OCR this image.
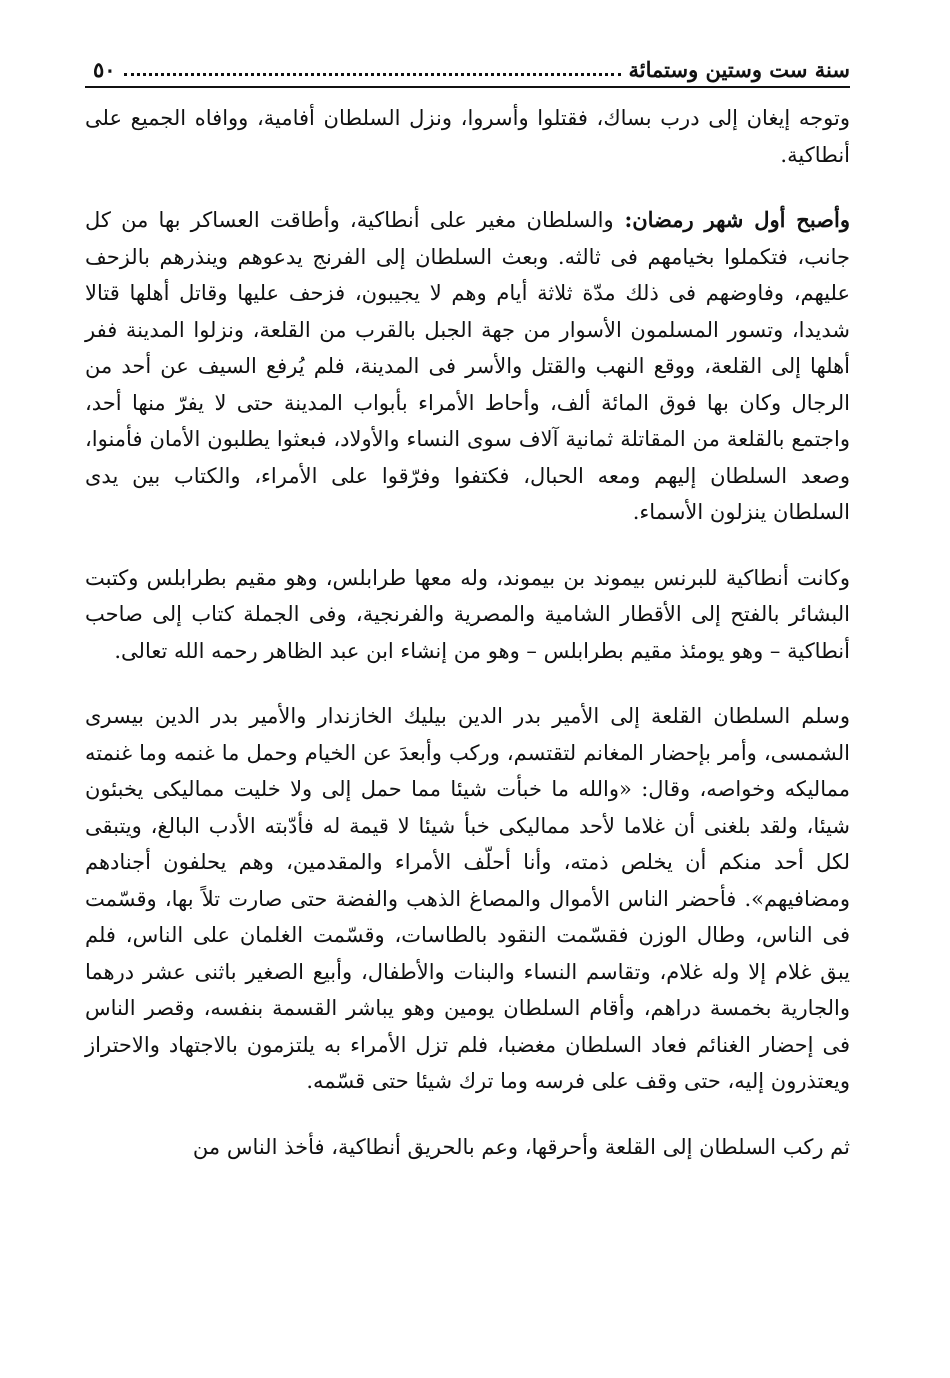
سنة ست وستين وستمائة
٥٠

وتوجه إيغان إلى درب بساك، فقتلوا وأسروا، ونزل السلطان أفامية، ووافاه الجميع على أنطاكية.

وأصبح أول شهر رمضان: والسلطان مغير على أنطاكية، وأطاقت العساكر بها من كل جانب، فتكملوا بخيامهم فى ثالثه. وبعث السلطان إلى الفرنج يدعوهم وينذرهم بالزحف عليهم، وفاوضهم فى ذلك مدّة ثلاثة أيام وهم لا يجيبون، فزحف عليها وقاتل أهلها قتالا شديدا، وتسور المسلمون الأسوار من جهة الجبل بالقرب من القلعة، ونزلوا المدينة ففر أهلها إلى القلعة، ووقع النهب والقتل والأسر فى المدينة، فلم يُرفع السيف عن أحد من الرجال وكان بها فوق المائة ألف، وأحاط الأمراء بأبواب المدينة حتى لا يفرّ منها أحد، واجتمع بالقلعة من المقاتلة ثمانية آلاف سوى النساء والأولاد، فبعثوا يطلبون الأمان فأمنوا، وصعد السلطان إليهم ومعه الحبال، فكتفوا وفرّقوا على الأمراء، والكتاب بين يدى السلطان ينزلون الأسماء.

وكانت أنطاكية للبرنس بيموند بن بيموند، وله معها طرابلس، وهو مقيم بطرابلس وكتبت البشائر بالفتح إلى الأقطار الشامية والمصرية والفرنجية، وفى الجملة كتاب إلى صاحب أنطاكية – وهو يومئذ مقيم بطرابلس – وهو من إنشاء ابن عبد الظاهر رحمه الله تعالى.

وسلم السلطان القلعة إلى الأمير بدر الدين بيليك الخازندار والأمير بدر الدين بيسرى الشمسى، وأمر بإحضار المغانم لتقتسم، وركب وأبعدَ عن الخيام وحمل ما غنمه وما غنمته مماليكه وخواصه، وقال: «والله ما خبأت شيئا مما حمل إلى ولا خليت مماليكى يخبئون شيئا، ولقد بلغنى أن غلاما لأحد مماليكى خبأ شيئا لا قيمة له فأدّبته الأدب البالغ، ويتبقى لكل أحد منكم أن يخلص ذمته، وأنا أحلّف الأمراء والمقدمين، وهم يحلفون أجنادهم ومضافيهم». فأحضر الناس الأموال والمصاغ الذهب والفضة حتى صارت تلاً بها، وقسّمت فى الناس، وطال الوزن فقسّمت النقود بالطاسات، وقسّمت الغلمان على الناس، فلم يبق غلام إلا وله غلام، وتقاسم النساء والبنات والأطفال، وأبيع الصغير باثنى عشر درهما والجارية بخمسة دراهم، وأقام السلطان يومين وهو يباشر القسمة بنفسه، وقصر الناس فى إحضار الغنائم فعاد السلطان مغضبا، فلم تزل الأمراء به يلتزمون بالاجتهاد والاحتراز ويعتذرون إليه، حتى وقف على فرسه وما ترك شيئا حتى قسّمه.

ثم ركب السلطان إلى القلعة وأحرقها، وعم بالحريق أنطاكية، فأخذ الناس من
